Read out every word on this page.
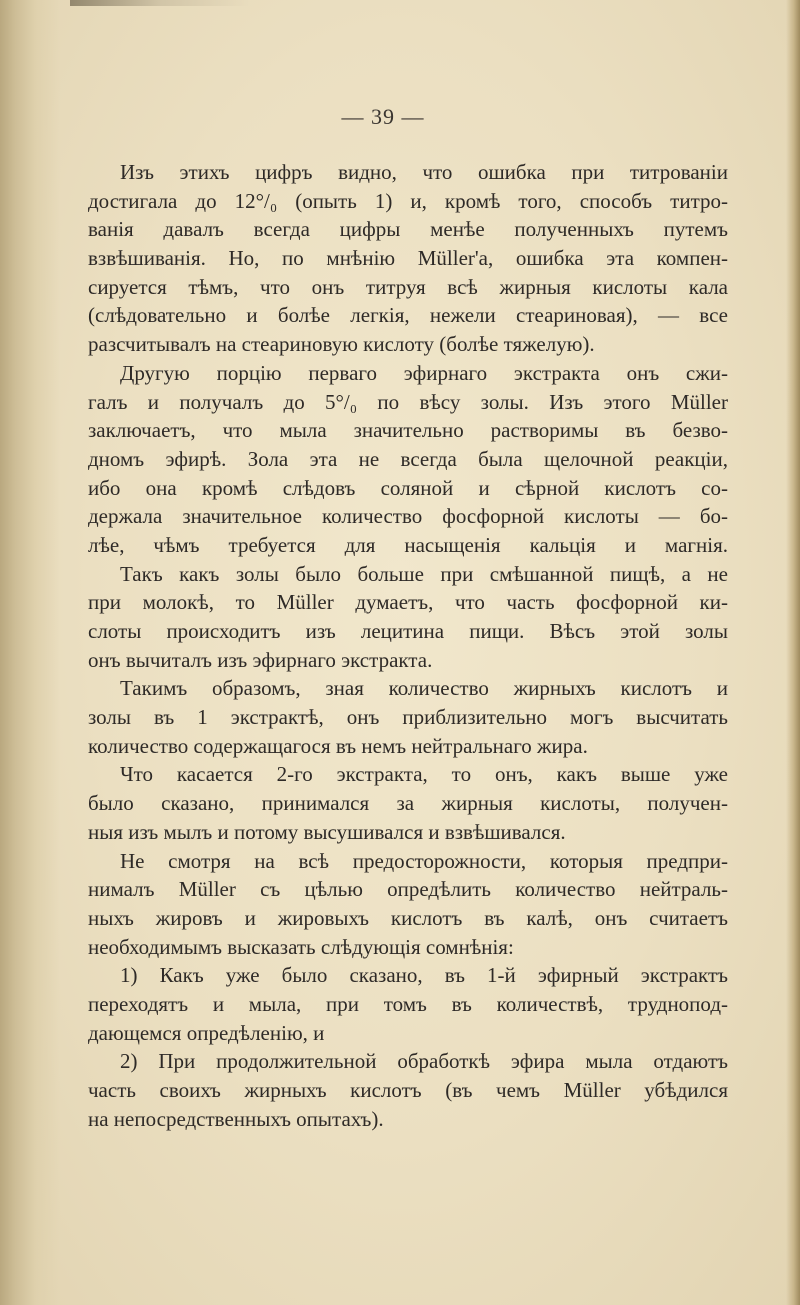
— 39 —
Изъ этихъ цифръ видно, что ошибка при титрованіи
достигала до 12°/₀ (опыть 1) и, кромѣ того, способъ титро-
ванія давалъ всегда цифры менѣе полученныхъ путемъ
взвѣшиванія. Но, по мнѣнію Müller'a, ошибка эта компен-
сируется тѣмъ, что онъ титруя всѣ жирныя кислоты кала
(слѣдовательно и болѣе легкія, нежели стеариновая), — все
разсчитывалъ на стеариновую кислоту (болѣе тяжелую).
Другую порцію перваго эфирнаго экстракта онъ сжи-
галъ и получалъ до 5°/₀ по вѣсу золы. Изъ этого Müller
заключаетъ, что мыла значительно растворимы въ безво-
дномъ эфирѣ. Зола эта не всегда была щелочной реакціи,
ибо она кромѣ слѣдовъ соляной и сѣрной кислотъ со-
держала значительное количество фосфорной кислоты — бо-
лѣе, чѣмъ требуется для насыщенія кальція и магнія.
Такъ какъ золы было больше при смѣшанной пищѣ, а не
при молокѣ, то Müller думаетъ, что часть фосфорной ки-
слоты происходитъ изъ лецитина пищи. Вѣсъ этой золы
онъ вычиталъ изъ эфирнаго экстракта.
Такимъ образомъ, зная количество жирныхъ кислотъ и
золы въ 1 экстрактѣ, онъ приблизительно могъ высчитать
количество содержащагося въ немъ нейтральнаго жира.
Что касается 2-го экстракта, то онъ, какъ выше уже
было сказано, принимался за жирныя кислоты, получен-
ныя изъ мылъ и потому высушивался и взвѣшивался.
Не смотря на всѣ предосторожности, которыя предпри-
нималъ Müller съ цѣлью опредѣлить количество нейтраль-
ныхъ жировъ и жировыхъ кислотъ въ калѣ, онъ считаетъ
необходимымъ высказать слѣдующія сомнѣнія:
1) Какъ уже было сказано, въ 1-й эфирный экстрактъ
переходятъ и мыла, при томъ въ количествѣ, труднопод-
дающемся опредѣленію, и
2) При продолжительной обработкѣ эфира мыла отдаютъ
часть своихъ жирныхъ кислотъ (въ чемъ Müller убѣдился
на непосредственныхъ опытахъ).
